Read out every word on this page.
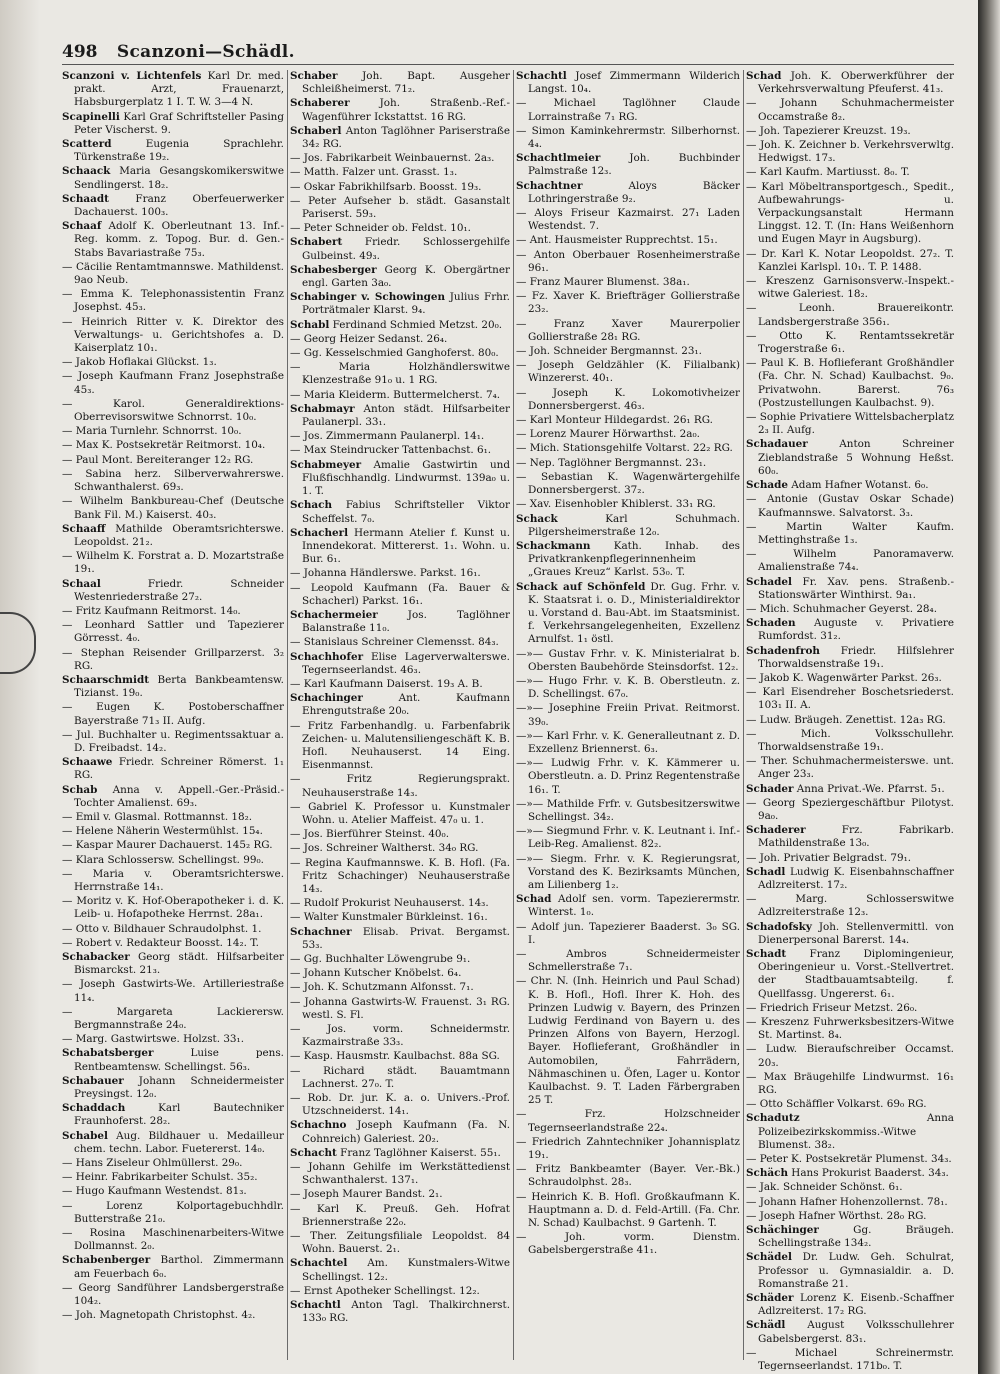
498 Scanzoni—Schädl.
Scanzoni v. Lichtenfels Karl Dr. med. prakt. Arzt, Frauenarzt, Habsburgerplatz 1 I. T. W. 3—4 N.
Scapinelli Karl Graf Schriftsteller Pasing Peter Vischerst. 9.
Scatterd Eugenia Sprachlehr. Türkenstraße 19₂.
Schaack Maria Gesangskomikerswitwe Sendlingerst. 18₂.
Schaadt Franz Oberfeuerwerker Dachauerst. 100₃.
Schaaf Adolf K. Oberleutnant 13. Inf.-Reg. komm. z. Topog. Bur. d. Gen.-Stabs Bavariastraße 75₃.
— Cäcilie Rentamtmannswe. Mathildenst. 9ao Neub.
— Emma K. Telephonassistentin Franz Josephst. 45₃.
— Heinrich Ritter v. K. Direktor des Verwaltungs- u. Gerichtshofes a. D. Kaiserplatz 10₁.
— Jakob Hoflakai Glückst. 1₃.
— Joseph Kaufmann Franz Josephstraße 45₃.
— Karol. Generaldirektions-Oberrevisorswitwe Schnorrst. 10₀.
— Maria Turnlehr. Schnorrst. 10₀.
— Max K. Postsekretär Reitmorst. 10₄.
— Paul Mont. Bereiteranger 12₂ RG.
— Sabina herz. Silberverwahrerswe. Schwanthalerst. 69₃.
— Wilhelm Bankbureau-Chef (Deutsche Bank Fil. M.) Kaiserst. 40₃.
Schaaff Mathilde Oberamtsrichterswe. Leopoldst. 21₂.
— Wilhelm K. Forstrat a. D. Mozartstraße 19₁.
Schaal Friedr. Schneider Westenriederstraße 27₂.
— Fritz Kaufmann Reitmorst. 14₀.
— Leonhard Sattler und Tapezierer Görresst. 4₀.
— Stephan Reisender Grillparzerst. 3₂ RG.
Schaarschmidt Berta Bankbeamtensw. Tizianst. 19₀.
— Eugen K. Postoberschaffner Bayerstraße 71₃ II. Aufg.
— Jul. Buchhalter u. Regimentssaktuar a. D. Freibadst. 14₂.
Schaawe Friedr. Schreiner Römerst. 1₁ RG.
Schab Anna v. Appell.-Ger.-Präsid.-Tochter Amalienst. 69₃.
— Emil v. Glasmal. Rottmannst. 18₂.
— Helene Näherin Westermühlst. 15₄.
— Kaspar Maurer Dachauerst. 145₂ RG.
— Klara Schlossersw. Schellingst. 99₀.
— Maria v. Oberamtsrichterswe. Herrnstraße 14₁.
— Moritz v. K. Hof-Oberapotheker i. d. K. Leib- u. Hofapotheke Herrnst. 28a₁.
— Otto v. Bildhauer Schraudolphst. 1.
— Robert v. Redakteur Boosst. 14₂. T.
Schabacker Georg städt. Hilfsarbeiter Bismarckst. 21₃.
— Joseph Gastwirts-We. Artilleriestraße 11₄.
— Margareta Lackierersw. Bergmannstraße 24₀.
— Marg. Gastwirtswe. Holzst. 33₁.
Schabatsberger Luise pens. Rentbeamtensw. Schellingst. 56₃.
Schabauer Johann Schneidermeister Preysingst. 12₀.
Schaddach Karl Bautechniker Fraunhoferst. 28₂.
Schabel Aug. Bildhauer u. Medailleur chem. techn. Labor. Fuetererst. 14₀.
— Hans Ziseleur Ohlmüllerst. 29₀.
— Heinr. Fabrikarbeiter Schulst. 35₂.
— Hugo Kaufmann Westendst. 81₃.
— Lorenz Kolportagebuchhdlr. Butterstraße 21₀.
— Rosina Maschinenarbeiters-Witwe Dollmannst. 2₀.
Schabenberger Barthol. Zimmermann am Feuerbach 6₀.
— Georg Sandführer Landsbergerstraße 104₂.
— Joh. Magnetopath Christophst. 4₂.
Schaber Joh. Bapt. Ausgeher Schleißheimerst. 71₂.
Schaberer Joh. Straßenb.-Ref.-Wagenführer Ickstattst. 16 RG.
Schaberl Anton Taglöhner Pariserstraße 34₂ RG.
— Jos. Fabrikarbeit Weinbauernst. 2a₃.
— Matth. Falzer unt. Grasst. 1₃.
— Oskar Fabrikhilfsarb. Boosst. 19₃.
— Peter Aufseher b. städt. Gasanstalt Pariserst. 59₃.
— Peter Schneider ob. Feldst. 10₁.
Schabert Friedr. Schlossergehilfe Gulbeinst. 49₃.
Schabesberger Georg K. Obergärtner engl. Garten 3a₀.
Schabinger v. Schowingen Julius Frhr. Porträtmaler Klarst. 9₄.
Schabl Ferdinand Schmied Metzst. 20₀.
— Georg Heizer Sedanst. 26₄.
— Gg. Kesselschmied Ganghoferst. 80₀.
— Maria Holzhändlerswitwe Klenzestraße 91₀ u. 1 RG.
— Maria Kleiderm. Buttermelcherst. 7₄.
Schabmayr Anton städt. Hilfsarbeiter Paulanerpl. 33₁.
— Jos. Zimmermann Paulanerpl. 14₁.
— Max Steindrucker Tattenbachst. 6₁.
Schabmeyer Amalie Gastwirtin und Flußfischhandlg. Lindwurmst. 139a₀ u. 1. T.
Schach Fabius Schriftsteller Viktor Scheffelst. 7₀.
Schacherl Hermann Atelier f. Kunst u. Innendekorat. Mittererst. 1₁. Wohn. u. Bur. 6₁.
— Johanna Händlerswe. Parkst. 16₁.
— Leopold Kaufmann (Fa. Bauer & Schacherl) Parkst. 16₁.
Schachermeier Jos. Taglöhner Balanstraße 11₀.
— Stanislaus Schreiner Clemensst. 84₃.
Schachhofer Elise Lagerverwalterswe. Tegernseerlandst. 46₃.
— Karl Kaufmann Daiserst. 19₃ A. B.
Schachinger Ant. Kaufmann Ehrengutstraße 20₀.
— Fritz Farbenhandlg. u. Farbenfabrik Zeichen- u. Malutensiliengeschäft K. B. Hofl. Neuhauserst. 14 Eing. Eisenmannst.
— Fritz Regierungsprakt. Neuhauserstraße 14₃.
— Gabriel K. Professor u. Kunstmaler Wohn. u. Atelier Maffeist. 47₀ u. 1.
— Jos. Bierführer Steinst. 40₀.
— Jos. Schreiner Waltherst. 34₀ RG.
— Regina Kaufmannswe. K. B. Hofl. (Fa. Fritz Schachinger) Neuhauserstraße 14₃.
— Rudolf Prokurist Neuhauserst. 14₃.
— Walter Kunstmaler Bürkleinst. 16₁.
Schachner Elisab. Privat. Bergamst. 53₃.
— Gg. Buchhalter Löwengrube 9₁.
— Johann Kutscher Knöbelst. 6₄.
— Joh. K. Schutzmann Alfonsst. 7₁.
— Johanna Gastwirts-W. Frauenst. 3₁ RG. westl. S. Fl.
— Jos. vorm. Schneidermstr. Kazmairstraße 33₃.
— Kasp. Hausmstr. Kaulbachst. 88a SG.
— Richard städt. Bauamtmann Lachnerst. 27₀. T.
— Rob. Dr. jur. K. a. o. Univers.-Prof. Utzschneiderst. 14₁.
Schachno Joseph Kaufmann (Fa. N. Cohnreich) Galeriest. 20₂.
Schacht Franz Taglöhner Kaiserst. 55₁.
— Johann Gehilfe im Werkstättedienst Schwanthalerst. 137₁.
— Joseph Maurer Bandst. 2₁.
— Karl K. Preuß. Geh. Hofrat Briennerstraße 22₀.
— Ther. Zeitungsfiliale Leopoldst. 84 Wohn. Bauerst. 2₁.
Schachtel Am. Kunstmalers-Witwe Schellingst. 12₂.
— Ernst Apotheker Schellingst. 12₂.
Schachtl Anton Tagl. Thalkirchnerst. 133₀ RG.
Schachtl Josef Zimmermann Wilderich Langst. 10₄.
— Michael Taglöhner Claude Lorrainstraße 7₁ RG.
— Simon Kaminkehrermstr. Silberhornst. 4₄.
Schachtlmeier Joh. Buchbinder Palmstraße 12₃.
Schachtner Aloys Bäcker Lothringerstraße 9₂.
— Aloys Friseur Kazmairst. 27₁ Laden Westendst. 7.
— Ant. Hausmeister Rupprechtst. 15₁.
— Anton Oberbauer Rosenheimerstraße 96₁.
— Franz Maurer Blumenst. 38a₁.
— Fz. Xaver K. Briefträger Gollierstraße 23₂.
— Franz Xaver Maurerpolier Gollierstraße 28₁ RG.
— Joh. Schneider Bergmannst. 23₁.
— Joseph Geldzähler (K. Filialbank) Winzererst. 40₁.
— Joseph K. Lokomotivheizer Donnersbergerst. 46₃.
— Karl Monteur Hildegardst. 26₁ RG.
— Lorenz Maurer Hörwarthst. 2a₀.
— Mich. Stationsgehilfe Voltarst. 22₂ RG.
— Nep. Taglöhner Bergmannst. 23₁.
— Sebastian K. Wagenwärtergehilfe Donnersbergerst. 37₂.
— Xav. Eisenhobler Khiblerst. 33₁ RG.
Schack Karl Schuhmach. Pilgersheimerstraße 12₀.
Schackmann Kath. Inhab. des Privatkrankenpflegerinnenheim „Graues Kreuz“ Karlst. 53₀. T.
Schack auf Schönfeld Dr. Gug. Frhr. v. K. Staatsrat i. o. D., Ministerialdirektor u. Vorstand d. Bau-Abt. im Staatsminist. f. Verkehrsangelegenheiten, Exzellenz Arnulfst. 1₁ östl.
—»— Gustav Frhr. v. K. Ministerialrat b. Obersten Baubehörde Steinsdorfst. 12₂.
—»— Hugo Frhr. v. K. B. Oberstleutn. z. D. Schellingst. 67₀.
—»— Josephine Freiin Privat. Reitmorst. 39₀.
—»— Karl Frhr. v. K. Generalleutnant z. D. Exzellenz Briennerst. 6₃.
—»— Ludwig Frhr. v. K. Kämmerer u. Oberstleutn. a. D. Prinz Regentenstraße 16₁. T.
—»— Mathilde Frfr. v. Gutsbesitzerswitwe Schellingst. 34₂.
—»— Siegmund Frhr. v. K. Leutnant i. Inf.-Leib-Reg. Amalienst. 82₂.
—»— Siegm. Frhr. v. K. Regierungsrat, Vorstand des K. Bezirksamts München, am Lilienberg 1₂.
Schad Adolf sen. vorm. Tapezierermstr. Winterst. 1₀.
— Adolf jun. Tapezierer Baaderst. 3₀ SG. I.
— Ambros Schneidermeister Schmellerstraße 7₁.
— Chr. N. (Inh. Heinrich und Paul Schad) K. B. Hofl., Hofl. Ihrer K. Hoh. des Prinzen Ludwig v. Bayern, des Prinzen Ludwig Ferdinand von Bayern u. des Prinzen Alfons von Bayern, Herzogl. Bayer. Hoflieferant, Großhändler in Automobilen, Fahrrädern, Nähmaschinen u. Öfen, Lager u. Kontor Kaulbachst. 9. T. Laden Färbergraben 25 T.
— Frz. Holzschneider Tegernseerlandstraße 22₄.
— Friedrich Zahntechniker Johannisplatz 19₁.
— Fritz Bankbeamter (Bayer. Ver.-Bk.) Schraudolphst. 28₃.
— Heinrich K. B. Hofl. Großkaufmann K. Hauptmann a. D. d. Feld-Artill. (Fa. Chr. N. Schad) Kaulbachst. 9 Gartenh. T.
— Joh. vorm. Dienstm. Gabelsbergerstraße 41₁.
Schad Joh. K. Oberwerkführer der Verkehrsverwaltung Pfeuferst. 41₃.
— Johann Schuhmachermeister Occamstraße 8₂.
— Joh. Tapezierer Kreuzst. 19₃.
— Joh. K. Zeichner b. Verkehrsverwltg. Hedwigst. 17₃.
— Karl Kaufm. Martiusst. 8₀. T.
— Karl Möbeltransportgesch., Spedit., Aufbewahrungs- u. Verpackungsanstalt Hermann Linggst. 12. T. (In: Hans Weißenhorn und Eugen Mayr in Augsburg).
— Dr. Karl K. Notar Leopoldst. 27₂. T. Kanzlei Karlspl. 10₁. T. P. 1488.
— Kreszenz Garnisonsverw.-Inspekt.-witwe Galeriest. 18₂.
— Leonh. Brauereikontr. Landsbergerstraße 356₁.
— Otto K. Rentamtssekretär Trogerstraße 6₁.
— Paul K. B. Hoflieferant Großhändler (Fa. Chr. N. Schad) Kaulbachst. 9₀. Privatwohn. Barerst. 76₃ (Postzustellungen Kaulbachst. 9).
— Sophie Privatiere Wittelsbacherplatz 2₃ II. Aufg.
Schadauer Anton Schreiner Zieblandstraße 5 Wohnung Heßst. 60₀.
Schade Adam Hafner Wotanst. 6₀.
— Antonie (Gustav Oskar Schade) Kaufmannswe. Salvatorst. 3₃.
— Martin Walter Kaufm. Mettinghstraße 1₃.
— Wilhelm Panoramaverw. Amalienstraße 74₄.
Schadel Fr. Xav. pens. Straßenb.-Stationswärter Winthirst. 9a₁.
— Mich. Schuhmacher Geyerst. 28₄.
Schaden Auguste v. Privatiere Rumfordst. 31₂.
Schadenfroh Friedr. Hilfslehrer Thorwaldsenstraße 19₁.
— Jakob K. Wagenwärter Parkst. 26₃.
— Karl Eisendreher Boschetsriederst. 103₁ II. A.
— Ludw. Bräugeh. Zenettist. 12a₃ RG.
— Mich. Volksschullehr. Thorwaldsenstraße 19₁.
— Ther. Schuhmachermeisterswe. unt. Anger 23₃.
Schader Anna Privat.-We. Pfarrst. 5₁.
— Georg Speziergeschäftbur Pilotyst. 9a₀.
Schaderer Frz. Fabrikarb. Mathildenstraße 13₀.
— Joh. Privatier Belgradst. 79₁.
Schadl Ludwig K. Eisenbahnschaffner Adlzreiterst. 17₂.
— Marg. Schlosserswitwe Adlzreiterstraße 12₃.
Schadofsky Joh. Stellenvermittl. von Dienerpersonal Barerst. 14₄.
Schadt Franz Diplomingenieur, Oberingenieur u. Vorst.-Stellvertret. der Stadtbauamtsabteilg. f. Quellfassg. Ungererst. 6₁.
— Friedrich Friseur Metzst. 26₀.
— Kreszenz Fuhrwerksbesitzers-Witwe St. Martinst. 8₄.
— Ludw. Bieraufschreiber Occamst. 20₃.
— Max Bräugehilfe Lindwurmst. 16₁ RG.
— Otto Schäffler Volkarst. 69₀ RG.
Schadutz Anna Polizeibezirkskommiss.-Witwe Blumenst. 38₂.
— Peter K. Postsekretär Plumenst. 34₃.
Schäch Hans Prokurist Baaderst. 34₃.
— Jak. Schneider Schönst. 6₁.
— Johann Hafner Hohenzollernst. 78₁.
— Joseph Hafner Wörthst. 28₀ RG.
Schächinger Gg. Bräugeh. Schellingstraße 134₂.
Schädel Dr. Ludw. Geh. Schulrat, Professor u. Gymnasialdir. a. D. Romanstraße 21.
Schäder Lorenz K. Eisenb.-Schaffner Adlzreiterst. 17₂ RG.
Schädl August Volksschullehrer Gabelsbergerst. 83₁.
— Michael Schreinermstr. Tegernseerlandst. 171b₀. T.
